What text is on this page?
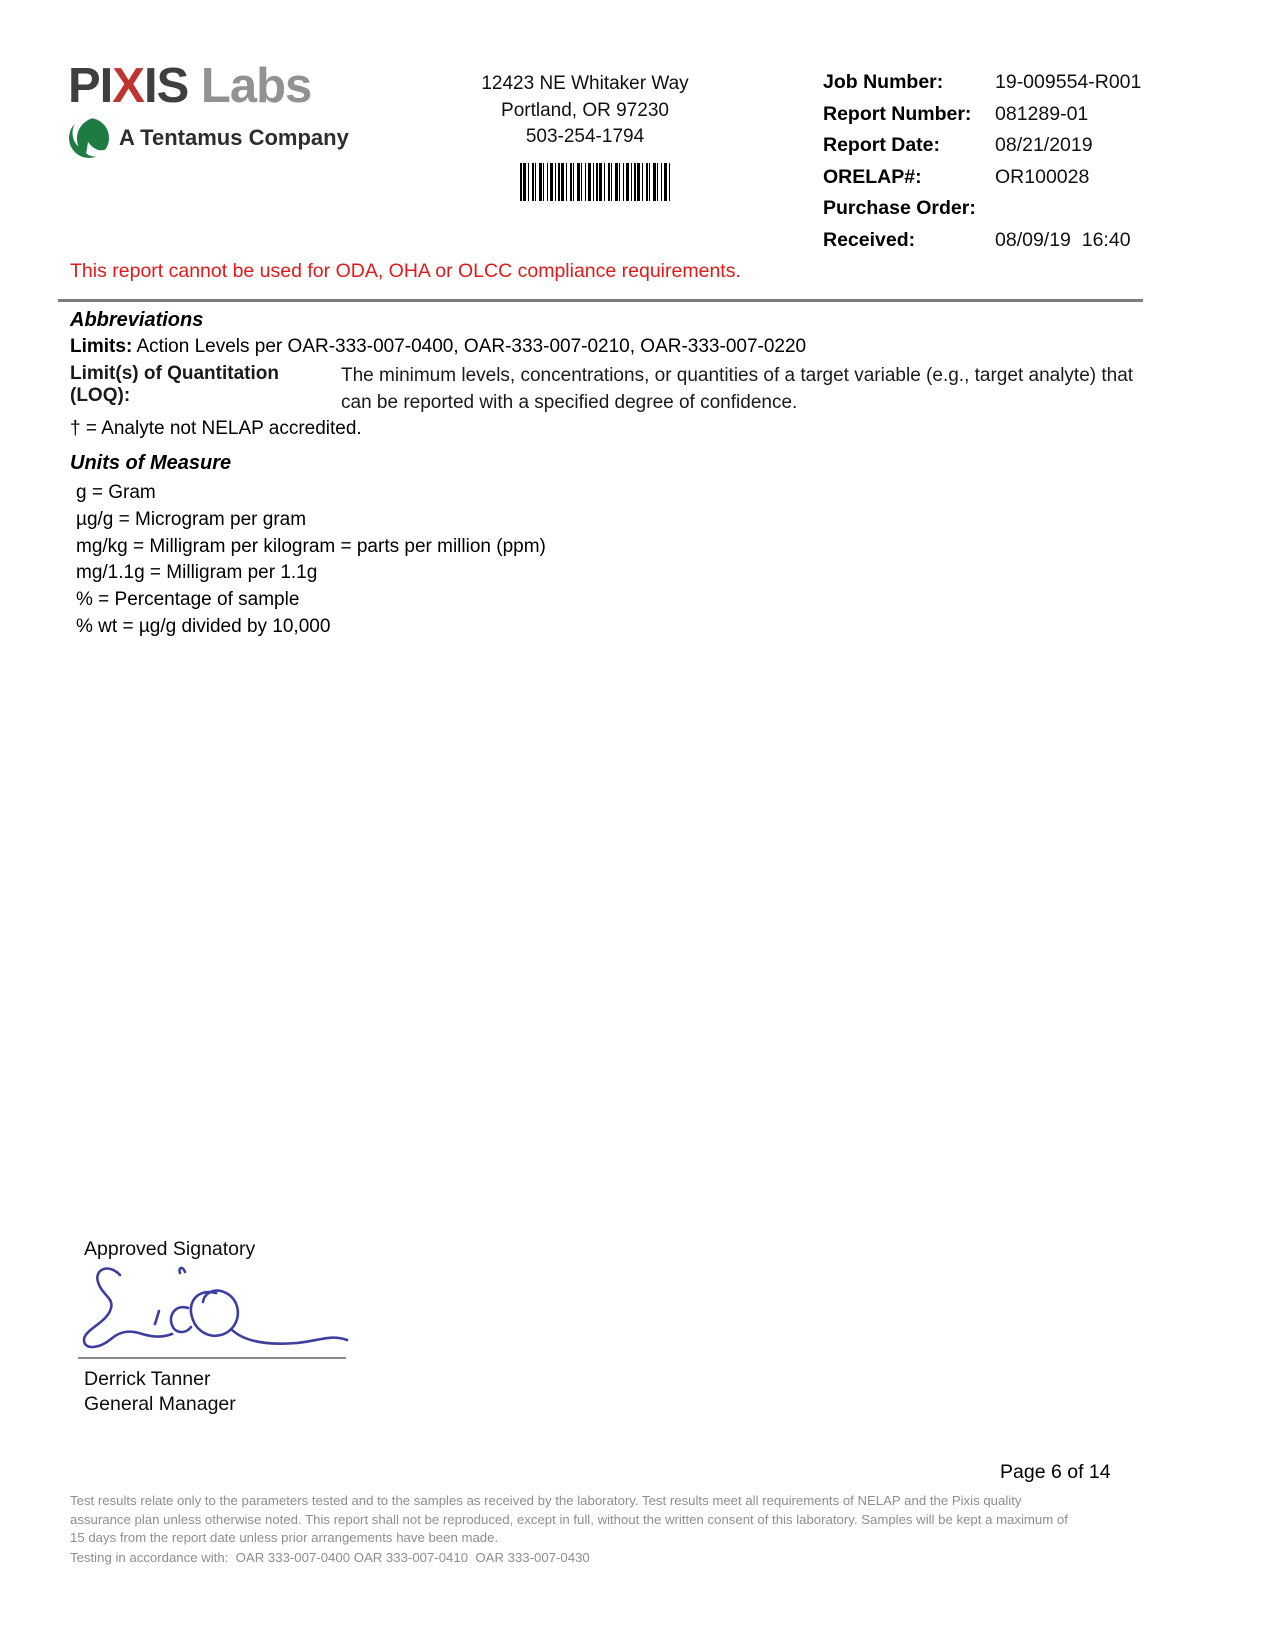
PIXIS Labs
A Tentamus Company
12423 NE Whitaker Way
Portland, OR 97230
503-254-1794
Job Number:	19-009554-R001
Report Number:	081289-01
Report Date:	08/21/2019
ORELAP#:	OR100028
Purchase Order:
Received:	08/09/19  16:40
This report cannot be used for ODA, OHA or OLCC compliance requirements.
Abbreviations
Limits: Action Levels per OAR-333-007-0400, OAR-333-007-0210, OAR-333-007-0220
Limit(s) of Quantitation (LOQ):
The minimum levels, concentrations, or quantities of a target variable (e.g., target analyte) that can be reported with a specified degree of confidence.
† = Analyte not NELAP accredited.
Units of Measure
g = Gram
µg/g = Microgram per gram
mg/kg = Milligram per kilogram = parts per million (ppm)
mg/1.1g = Milligram per 1.1g
% = Percentage of sample
% wt = µg/g divided by 10,000
Approved Signatory
Derrick Tanner
General Manager
Page 6 of 14
Test results relate only to the parameters tested and to the samples as received by the laboratory. Test results meet all requirements of NELAP and the Pixis quality assurance plan unless otherwise noted. This report shall not be reproduced, except in full, without the written consent of this laboratory. Samples will be kept a maximum of 15 days from the report date unless prior arrangements have been made.
Testing in accordance with:  OAR 333-007-0400 OAR 333-007-0410  OAR 333-007-0430
